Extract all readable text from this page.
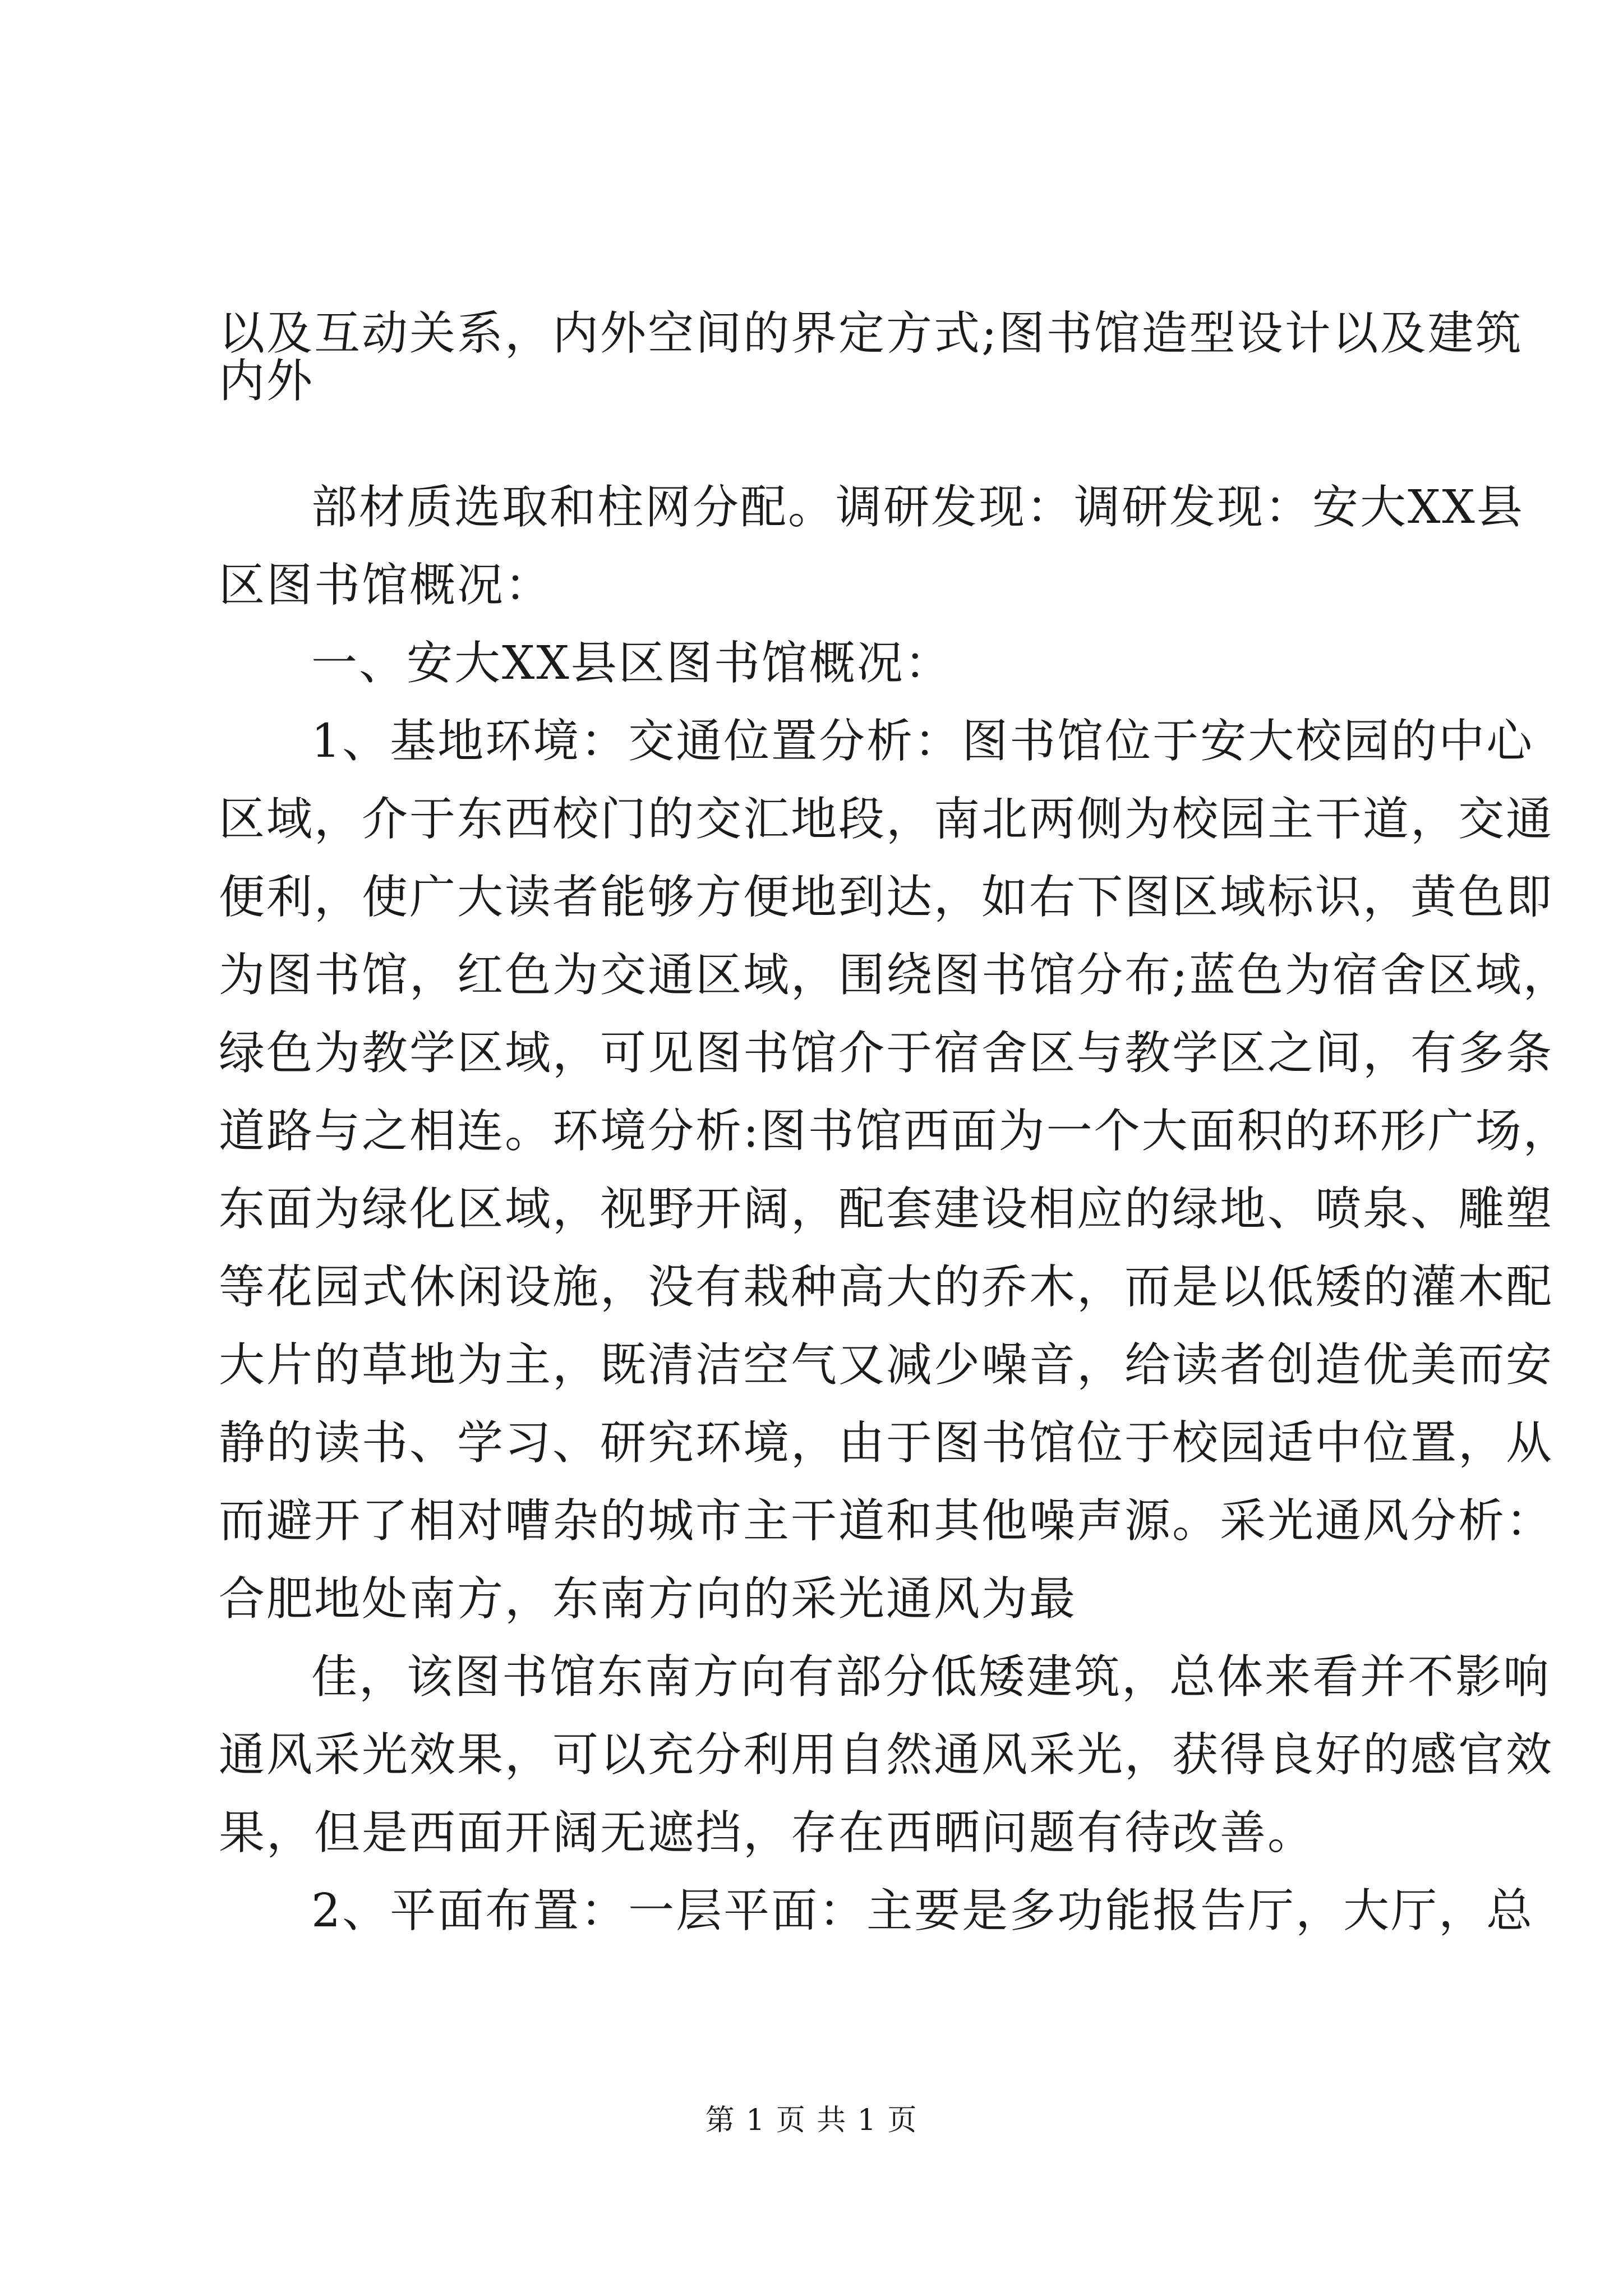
以及互动关系，内外空间的界定方式;图书馆造型设计以及建筑
内外
部材质选取和柱网分配。调研发现：调研发现：安大XX县
区图书馆概况：
一、安大XX县区图书馆概况：
1、基地环境：交通位置分析：图书馆位于安大校园的中心
区域，介于东西校门的交汇地段，南北两侧为校园主干道，交通
便利，使广大读者能够方便地到达，如右下图区域标识，黄色即
为图书馆，红色为交通区域，围绕图书馆分布;蓝色为宿舍区域，
绿色为教学区域，可见图书馆介于宿舍区与教学区之间，有多条
道路与之相连。环境分析:图书馆西面为一个大面积的环形广场，
东面为绿化区域，视野开阔，配套建设相应的绿地、喷泉、雕塑
等花园式休闲设施，没有栽种高大的乔木，而是以低矮的灌木配
大片的草地为主，既清洁空气又减少噪音，给读者创造优美而安
静的读书、学习、研究环境，由于图书馆位于校园适中位置，从
而避开了相对嘈杂的城市主干道和其他噪声源。采光通风分析：
合肥地处南方，东南方向的采光通风为最
佳，该图书馆东南方向有部分低矮建筑，总体来看并不影响
通风采光效果，可以充分利用自然通风采光，获得良好的感官效
果，但是西面开阔无遮挡，存在西晒问题有待改善。
2、平面布置：一层平面：主要是多功能报告厅，大厅，总
第 1 页 共 1 页
